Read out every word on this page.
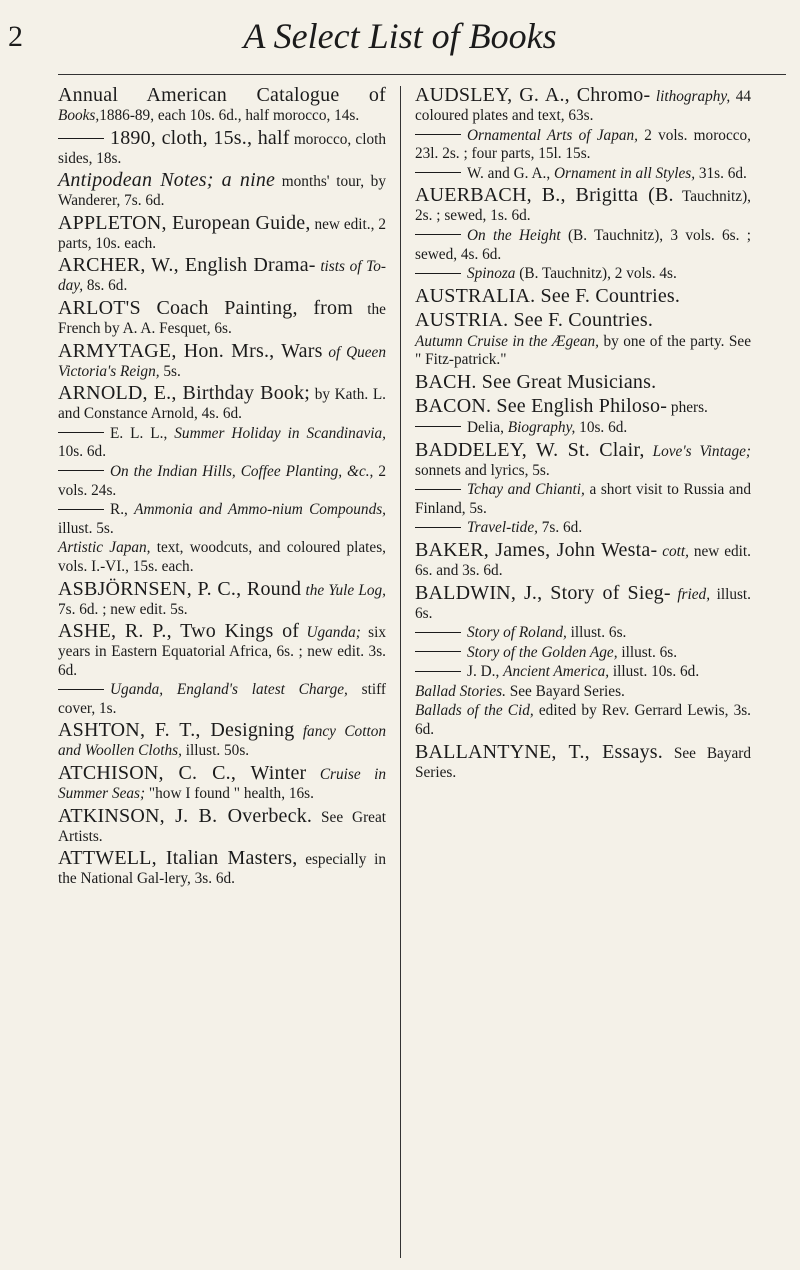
2	A Select List of Books
Annual American Catalogue of Books,1886-89, each 10s. 6d., half morocco, 14s.
1890, cloth, 15s., half morocco, cloth sides, 18s.
Antipodean Notes; a nine months' tour, by Wanderer, 7s. 6d.
APPLETON, European Guide, new edit., 2 parts, 10s. each.
ARCHER, W., English Drama- tists of To-day, 8s. 6d.
ARLOT'S Coach Painting, from the French by A. A. Fesquet, 6s.
ARMYTAGE, Hon. Mrs., Wars of Queen Victoria's Reign, 5s.
ARNOLD, E., Birthday Book; by Kath. L. and Constance Arnold, 4s. 6d.
E. L. L., Summer Holiday in Scandinavia, 10s. 6d.
On the Indian Hills, Coffee Planting, &c., 2 vols. 24s.
R., Ammonia and Ammo-nium Compounds, illust. 5s.
Artistic Japan, text, woodcuts, and coloured plates, vols. I.-VI., 15s. each.
ASBJÖRNSEN, P. C., Round the Yule Log, 7s. 6d. ; new edit. 5s.
ASHE, R. P., Two Kings of Uganda; six years in Eastern Equatorial Africa, 6s. ; new edit. 3s. 6d.
Uganda, England's latest Charge, stiff cover, 1s.
ASHTON, F. T., Designing fancy Cotton and Woollen Cloths, illust. 50s.
ATCHISON, C. C., Winter Cruise in Summer Seas; "how I found " health, 16s.
ATKINSON, J. B. Overbeck. See Great Artists.
ATTWELL, Italian Masters, especially in the National Gal-lery, 3s. 6d.
AUDSLEY, G. A., Chromo- lithography, 44 coloured plates and text, 63s.
Ornamental Arts of Japan, 2 vols. morocco, 23l. 2s. ; four parts, 15l. 15s.
W. and G. A., Ornament in all Styles, 31s. 6d.
AUERBACH, B., Brigitta (B. Tauchnitz), 2s. ; sewed, 1s. 6d.
On the Height (B. Tauchnitz), 3 vols. 6s. ; sewed, 4s. 6d.
Spinoza (B. Tauchnitz), 2 vols. 4s.
AUSTRALIA. See F. Countries.
AUSTRIA. See F. Countries.
Autumn Cruise in the Ægean, by one of the party. See " Fitz-patrick."
BACH. See Great Musicians.
BACON. See English Philoso- phers.
Delia, Biography, 10s. 6d.
BADDELEY, W. St. Clair, Love's Vintage; sonnets and lyrics, 5s.
Tchay and Chianti, a short visit to Russia and Finland, 5s.
Travel-tide, 7s. 6d.
BAKER, James, John Westa- cott, new edit. 6s. and 3s. 6d.
BALDWIN, J., Story of Sieg- fried, illust. 6s.
Story of Roland, illust. 6s.
Story of the Golden Age, illust. 6s.
J. D., Ancient America, illust. 10s. 6d.
Ballad Stories. See Bayard Series.
Ballads of the Cid, edited by Rev. Gerrard Lewis, 3s. 6d.
BALLANTYNE, T., Essays. See Bayard Series.
